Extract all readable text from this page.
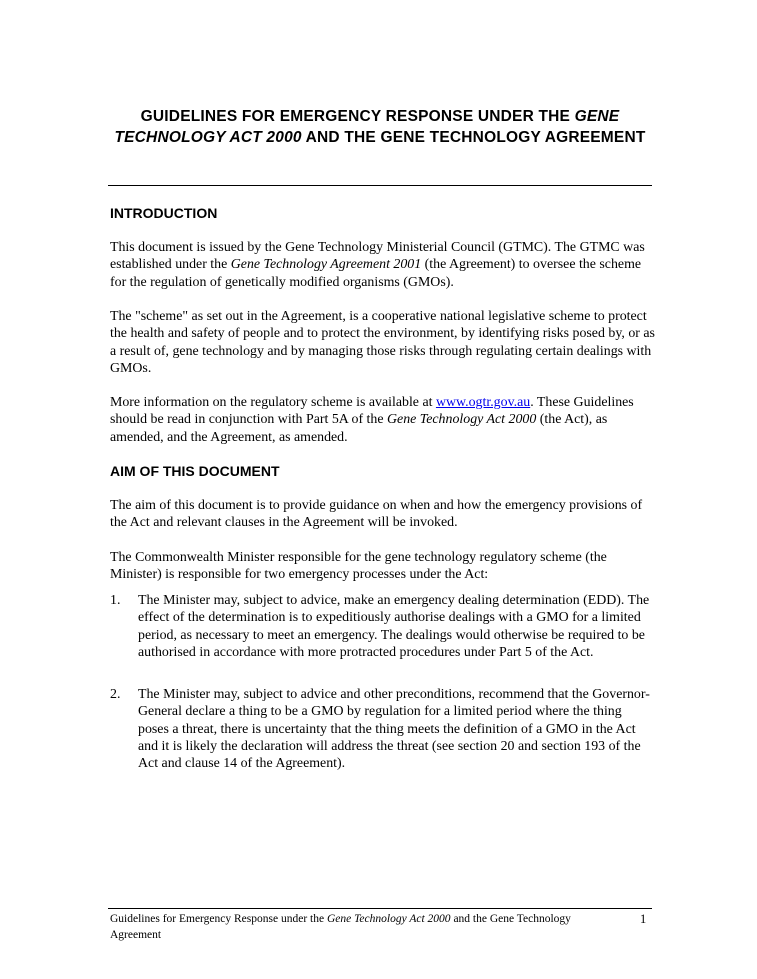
GUIDELINES FOR EMERGENCY RESPONSE UNDER THE GENE TECHNOLOGY ACT 2000 AND THE GENE TECHNOLOGY AGREEMENT
INTRODUCTION

This document is issued by the Gene Technology Ministerial Council (GTMC). The GTMC was established under the Gene Technology Agreement 2001 (the Agreement) to oversee the scheme for the regulation of genetically modified organisms (GMOs).

The "scheme" as set out in the Agreement, is a cooperative national legislative scheme to protect the health and safety of people and to protect the environment, by identifying risks posed by, or as a result of, gene technology and by managing those risks through regulating certain dealings with GMOs.

More information on the regulatory scheme is available at www.ogtr.gov.au. These Guidelines should be read in conjunction with Part 5A of the Gene Technology Act 2000 (the Act), as amended, and the Agreement, as amended.

AIM OF THIS DOCUMENT

The aim of this document is to provide guidance on when and how the emergency provisions of the Act and relevant clauses in the Agreement will be invoked.

The Commonwealth Minister responsible for the gene technology regulatory scheme (the Minister) is responsible for two emergency processes under the Act:

1. The Minister may, subject to advice, make an emergency dealing determination (EDD). The effect of the determination is to expeditiously authorise dealings with a GMO for a limited period, as necessary to meet an emergency. The dealings would otherwise be required to be authorised in accordance with more protracted procedures under Part 5 of the Act.
2. The Minister may, subject to advice and other preconditions, recommend that the Governor-General declare a thing to be a GMO by regulation for a limited period where the thing poses a threat, there is uncertainty that the thing meets the definition of a GMO in the Act and it is likely the declaration will address the threat (see section 20 and section 193 of the Act and clause 14 of the Agreement).

Guidelines for Emergency Response under the Gene Technology Act 2000 and the Gene Technology Agreement

1
